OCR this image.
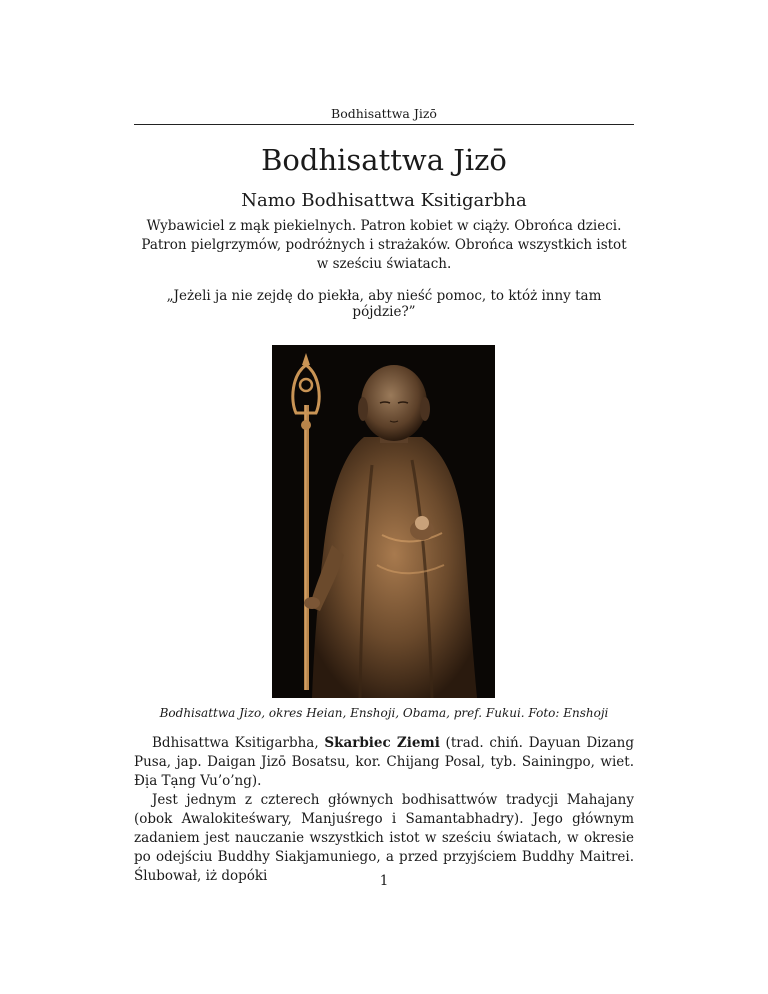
Bodhisattwa Jizō
Bodhisattwa Jizō
Namo Bodhisattwa Ksitigarbha
Wybawiciel z mąk piekielnych. Patron kobiet w ciąży. Obrońca dzieci. Patron pielgrzymów, podróżnych i strażaków. Obrońca wszystkich istot w sześciu światach.
„Jeżeli ja nie zejdę do piekła, aby nieść pomoc, to któż inny tam pójdzie?”
Bodhisattwa Jizo, okres Heian, Enshoji, Obama, pref. Fukui. Foto: Enshoji

Bdhisattwa Ksitigarbha, Skarbiec Ziemi (trad. chiń. Dayuan Dizang Pusa, jap. Daigan Jizō Bosatsu, kor. Chijang Posal, tyb. Sainingpo, wiet. Địa Tạng Vu’o’ng).

Jest jednym z czterech głównych bodhisattwów tradycji Mahajany (obok Awalokiteśwary, Manjuśrego i Samantabhadry). Jego głównym zadaniem jest nauczanie wszystkich istot w sześciu światach, w okresie po odejściu Buddhy Siakjamuniego, a przed przyjściem Buddhy Maitrei. Ślubował, iż dopóki	1
